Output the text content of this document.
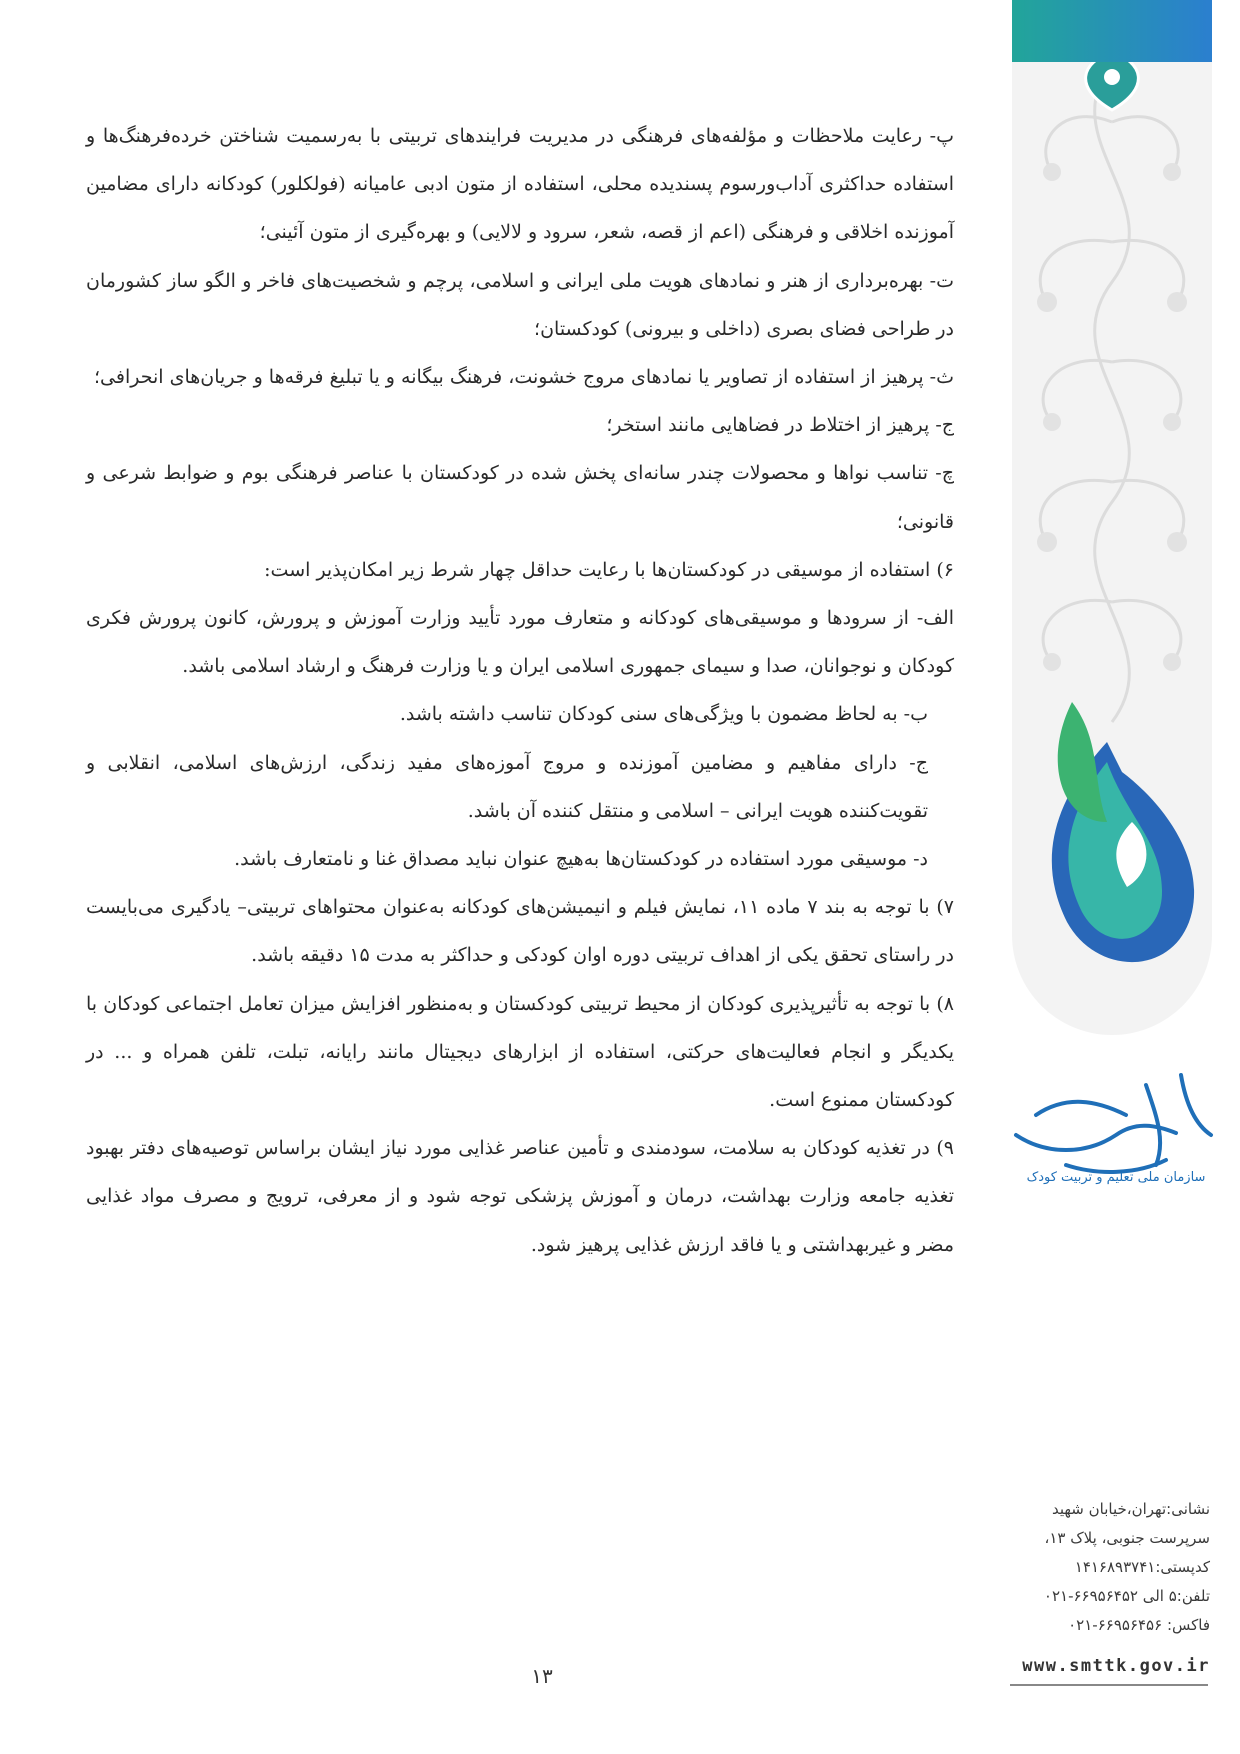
پ- رعایت ملاحظات و مؤلفه‌های فرهنگی در مدیریت فرایندهای تربیتی با به‌رسمیت شناختن خرده‌فرهنگ‌ها و استفاده حداکثری آداب‌ورسوم پسندیده محلی، استفاده از متون ادبی عامیانه (فولکلور) کودکانه دارای مضامین آموزنده اخلاقی و فرهنگی (اعم از قصه، شعر، سرود و لالایی) و بهره‌گیری از متون آئینی؛

ت- بهره‌برداری از هنر و نمادهای هویت ملی ایرانی و اسلامی، پرچم و شخصیت‌های فاخر و الگو ساز کشورمان در طراحی فضای بصری (داخلی و بیرونی) کودکستان؛

ث- پرهیز از استفاده از تصاویر یا نمادهای مروج خشونت، فرهنگ بیگانه و یا تبلیغ فرقه‌ها و جریان‌های انحرافی؛

ج- پرهیز از اختلاط در فضاهایی مانند استخر؛

چ- تناسب نواها و محصولات چندر سانه‌ای پخش شده در کودکستان با عناصر فرهنگی بوم و ضوابط شرعی و قانونی؛

۶) استفاده از موسیقی در کودکستان‌ها با رعایت حداقل چهار شرط زیر امکان‌پذیر است:

الف- از سرودها و موسیقی‌های کودکانه و متعارف مورد تأیید وزارت آموزش و پرورش، کانون پرورش فکری کودکان و نوجوانان، صدا و سیمای جمهوری اسلامی ایران و یا وزارت فرهنگ و ارشاد اسلامی باشد.

ب- به لحاظ مضمون با ویژگی‌های سنی کودکان تناسب داشته باشد.

ج- دارای مفاهیم و مضامین آموزنده و مروج آموزه‌های مفید زندگی، ارزش‌های اسلامی، انقلابی و تقویت‌کننده هویت ایرانی – اسلامی و منتقل کننده آن باشد.

د- موسیقی مورد استفاده در کودکستان‌ها به‌هیچ عنوان نباید مصداق غنا و نامتعارف باشد.

۷) با توجه به بند ۷ ماده ۱۱، نمایش فیلم و انیمیشن‌های کودکانه به‌عنوان محتواهای تربیتی– یادگیری می‌بایست در راستای تحقق یکی از اهداف تربیتی دوره اوان کودکی و حداکثر به مدت ۱۵ دقیقه باشد.

۸) با توجه به تأثیرپذیری کودکان از محیط تربیتی کودکستان و به‌منظور افزایش میزان تعامل اجتماعی کودکان با یکدیگر و انجام فعالیت‌های حرکتی، استفاده از ابزارهای دیجیتال مانند رایانه، تبلت، تلفن همراه و ... در کودکستان ممنوع است.

۹) در تغذیه کودکان به سلامت، سودمندی و تأمین عناصر غذایی مورد نیاز ایشان براساس توصیه‌های دفتر بهبود تغذیه جامعه وزارت بهداشت، درمان و آموزش پزشکی توجه شود و از معرفی، ترویج و مصرف مواد غذایی مضر و غیربهداشتی و یا فاقد ارزش غذایی پرهیز شود.

۱۳
سازمان ملی تعلیم و تربیت کودک
نشانی:تهران،خیابان شهید
سرپرست جنوبی، پلاک ۱۳،
کدپستی:۱۴۱۶۸۹۳۷۴۱
تلفن:۵ الی ۶۶۹۵۶۴۵۲-۰۲۱
فاکس: ۶۶۹۵۶۴۵۶-۰۲۱
www.smttk.gov.ir
